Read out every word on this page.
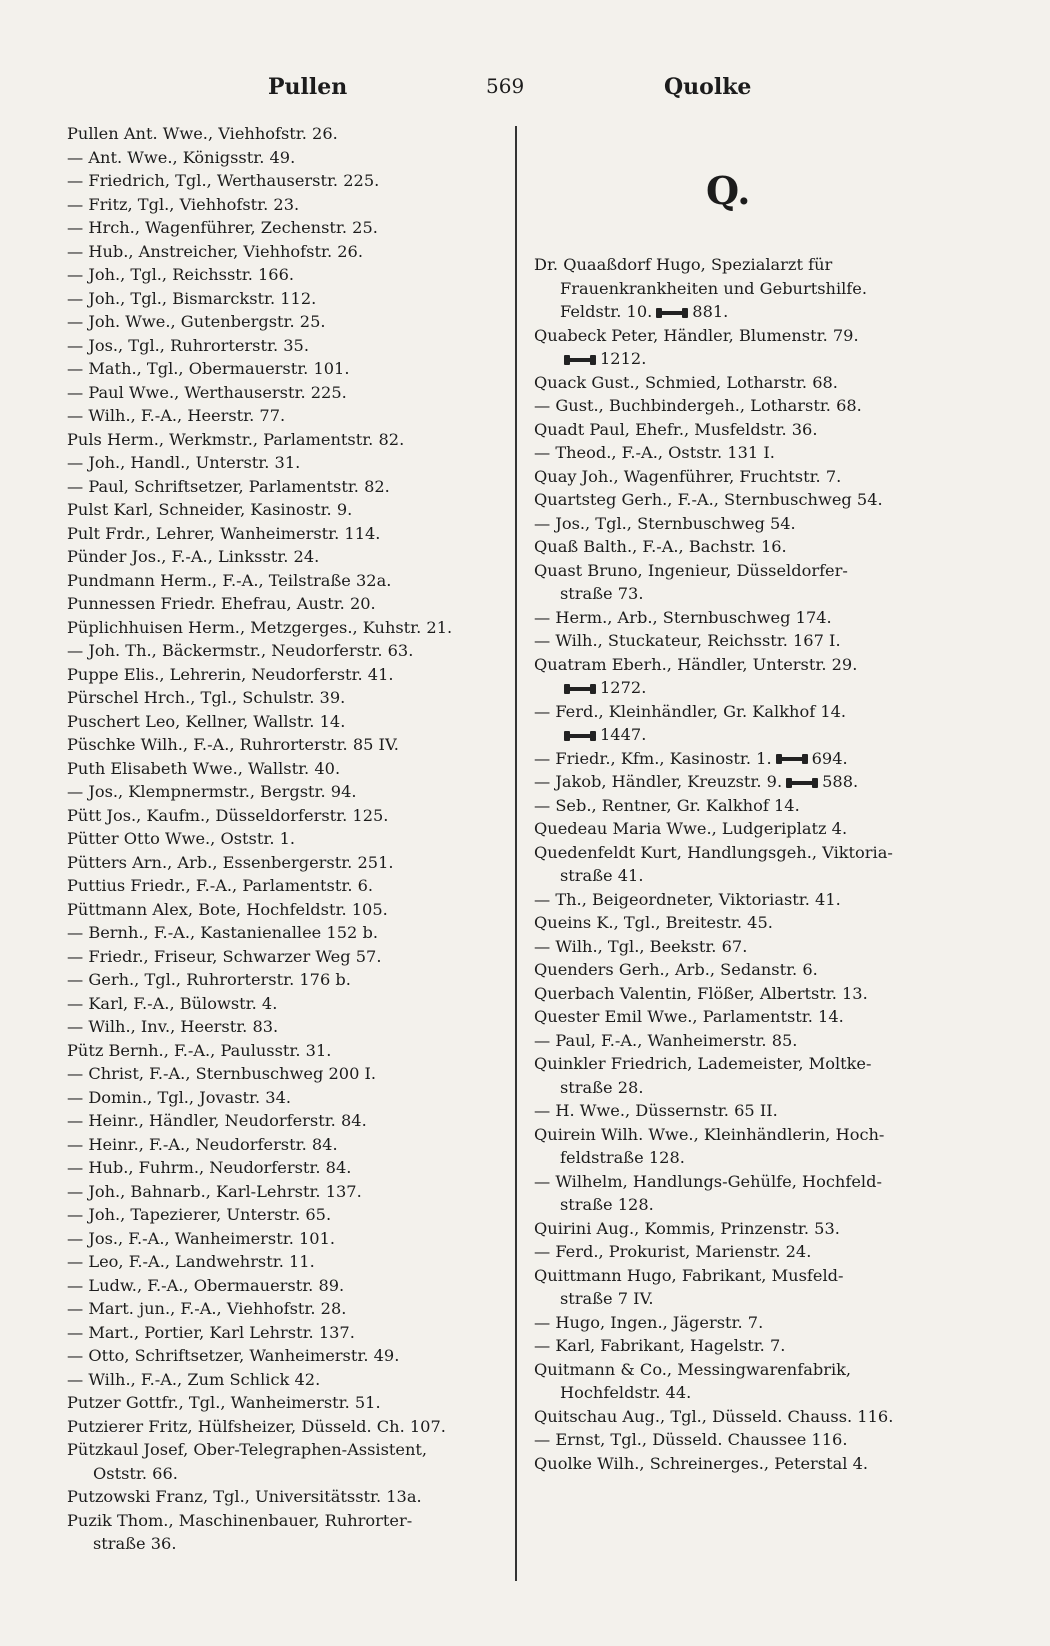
Pullen	569	Quolke
Q.
Pullen Ant. Wwe., Viehhofstr. 26.
— Ant. Wwe., Königsstr. 49.
— Friedrich, Tgl., Werthauserstr. 225.
— Fritz, Tgl., Viehhofstr. 23.
— Hrch., Wagenführer, Zechenstr. 25.
— Hub., Anstreicher, Viehhofstr. 26.
— Joh., Tgl., Reichsstr. 166.
— Joh., Tgl., Bismarckstr. 112.
— Joh. Wwe., Gutenbergstr. 25.
— Jos., Tgl., Ruhrorterstr. 35.
— Math., Tgl., Obermauerstr. 101.
— Paul Wwe., Werthauserstr. 225.
— Wilh., F.-A., Heerstr. 77.
Puls Herm., Werkmstr., Parlamentstr. 82.
— Joh., Handl., Unterstr. 31.
— Paul, Schriftsetzer, Parlamentstr. 82.
Pulst Karl, Schneider, Kasinostr. 9.
Pult Frdr., Lehrer, Wanheimerstr. 114.
Pünder Jos., F.-A., Linksstr. 24.
Pundmann Herm., F.-A., Teilstraße 32a.
Punnessen Friedr. Ehefrau, Austr. 20.
Püplichhuisen Herm., Metzgerges., Kuhstr. 21.
— Joh. Th., Bäckermstr., Neudorferstr. 63.
Puppe Elis., Lehrerin, Neudorferstr. 41.
Pürschel Hrch., Tgl., Schulstr. 39.
Puschert Leo, Kellner, Wallstr. 14.
Püschke Wilh., F.-A., Ruhrorterstr. 85 IV.
Puth Elisabeth Wwe., Wallstr. 40.
— Jos., Klempnermstr., Bergstr. 94.
Pütt Jos., Kaufm., Düsseldorferstr. 125.
Pütter Otto Wwe., Oststr. 1.
Pütters Arn., Arb., Essenbergerstr. 251.
Puttius Friedr., F.-A., Parlamentstr. 6.
Püttmann Alex, Bote, Hochfeldstr. 105.
— Bernh., F.-A., Kastanienallee 152 b.
— Friedr., Friseur, Schwarzer Weg 57.
— Gerh., Tgl., Ruhrorterstr. 176 b.
— Karl, F.-A., Bülowstr. 4.
— Wilh., Inv., Heerstr. 83.
Pütz Bernh., F.-A., Paulusstr. 31.
— Christ, F.-A., Sternbuschweg 200 I.
— Domin., Tgl., Jovastr. 34.
— Heinr., Händler, Neudorferstr. 84.
— Heinr., F.-A., Neudorferstr. 84.
— Hub., Fuhrm., Neudorferstr. 84.
— Joh., Bahnarb., Karl-Lehrstr. 137.
— Joh., Tapezierer, Unterstr. 65.
— Jos., F.-A., Wanheimerstr. 101.
— Leo, F.-A., Landwehrstr. 11.
— Ludw., F.-A., Obermauerstr. 89.
— Mart. jun., F.-A., Viehhofstr. 28.
— Mart., Portier, Karl Lehrstr. 137.
— Otto, Schriftsetzer, Wanheimerstr. 49.
— Wilh., F.-A., Zum Schlick 42.
Putzer Gottfr., Tgl., Wanheimerstr. 51.
Putzierer Fritz, Hülfsheizer, Düsseld. Ch. 107.
Pützkaul Josef, Ober-Telegraphen-Assistent,
Oststr. 66.
Putzowski Franz, Tgl., Universitätsstr. 13a.
Puzik Thom., Maschinenbauer, Ruhrorter-
straße 36.
Dr. Quaaßdorf Hugo, Spezialarzt für
Frauenkrankheiten und Geburtshilfe.
Feldstr. 10. 881.
Quabeck Peter, Händler, Blumenstr. 79.
1212.
Quack Gust., Schmied, Lotharstr. 68.
— Gust., Buchbindergeh., Lotharstr. 68.
Quadt Paul, Ehefr., Musfeldstr. 36.
— Theod., F.-A., Oststr. 131 I.
Quay Joh., Wagenführer, Fruchtstr. 7.
Quartsteg Gerh., F.-A., Sternbuschweg 54.
— Jos., Tgl., Sternbuschweg 54.
Quaß Balth., F.-A., Bachstr. 16.
Quast Bruno, Ingenieur, Düsseldorfer-
straße 73.
— Herm., Arb., Sternbuschweg 174.
— Wilh., Stuckateur, Reichsstr. 167 I.
Quatram Eberh., Händler, Unterstr. 29.
1272.
— Ferd., Kleinhändler, Gr. Kalkhof 14.
1447.
— Friedr., Kfm., Kasinostr. 1. 694.
— Jakob, Händler, Kreuzstr. 9. 588.
— Seb., Rentner, Gr. Kalkhof 14.
Quedeau Maria Wwe., Ludgeriplatz 4.
Quedenfeldt Kurt, Handlungsgeh., Viktoria-
straße 41.
— Th., Beigeordneter, Viktoriastr. 41.
Queins K., Tgl., Breitestr. 45.
— Wilh., Tgl., Beekstr. 67.
Quenders Gerh., Arb., Sedanstr. 6.
Querbach Valentin, Flößer, Albertstr. 13.
Quester Emil Wwe., Parlamentstr. 14.
— Paul, F.-A., Wanheimerstr. 85.
Quinkler Friedrich, Lademeister, Moltke-
straße 28.
— H. Wwe., Düssernstr. 65 II.
Quirein Wilh. Wwe., Kleinhändlerin, Hoch-
feldstraße 128.
— Wilhelm, Handlungs-Gehülfe, Hochfeld-
straße 128.
Quirini Aug., Kommis, Prinzenstr. 53.
— Ferd., Prokurist, Marienstr. 24.
Quittmann Hugo, Fabrikant, Musfeld-
straße 7 IV.
— Hugo, Ingen., Jägerstr. 7.
— Karl, Fabrikant, Hagelstr. 7.
Quitmann & Co., Messingwarenfabrik,
Hochfeldstr. 44.
Quitschau Aug., Tgl., Düsseld. Chauss. 116.
— Ernst, Tgl., Düsseld. Chaussee 116.
Quolke Wilh., Schreinerges., Peterstal 4.
